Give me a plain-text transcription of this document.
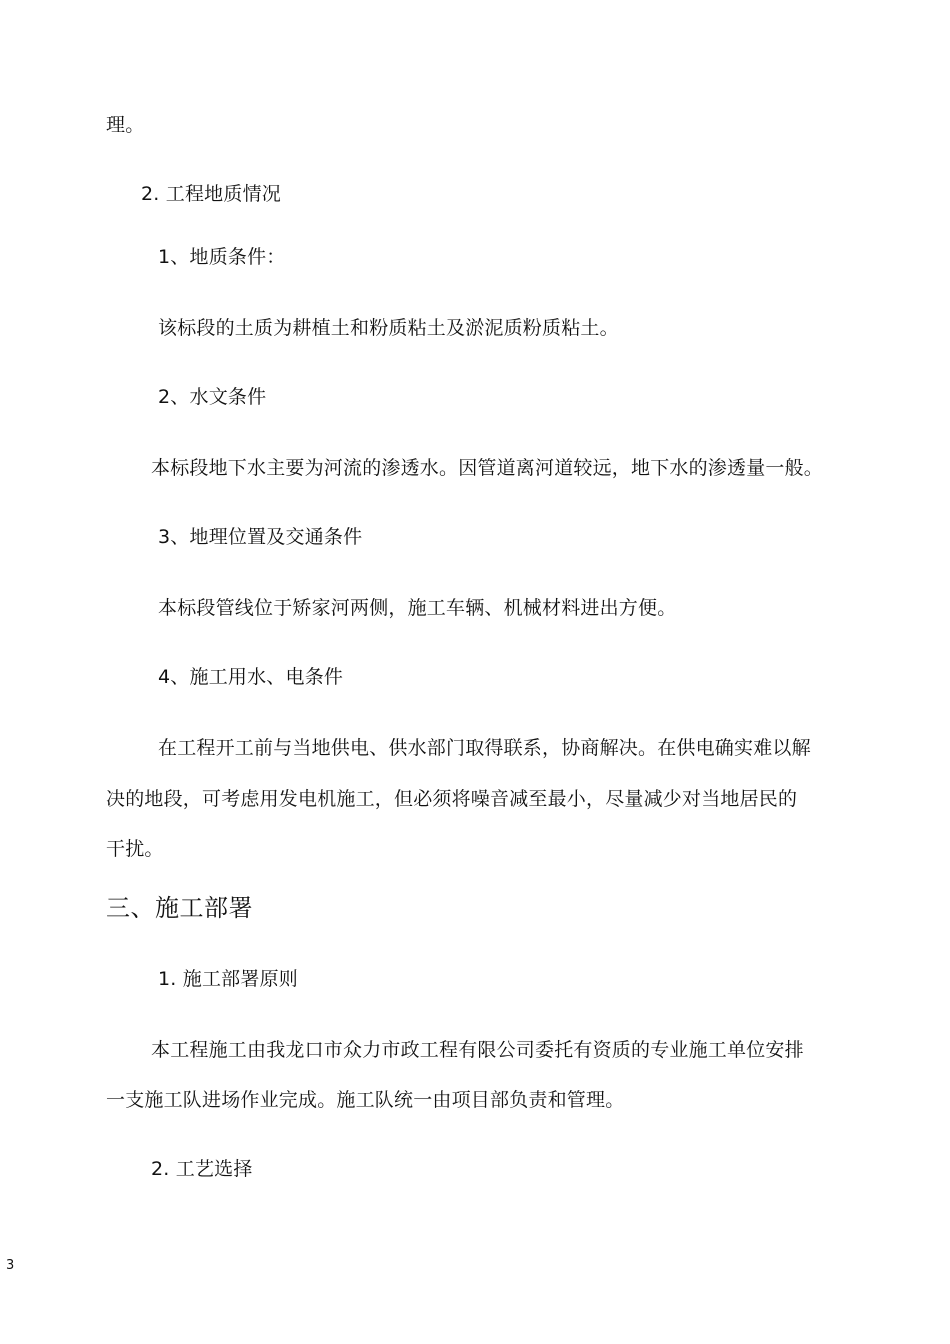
理。
2. 工程地质情况
1、地质条件：
该标段的土质为耕植土和粉质粘土及淤泥质粉质粘土。
2、水文条件
本标段地下水主要为河流的渗透水。因管道离河道较远，地下水的渗透量一般。
3、地理位置及交通条件
本标段管线位于矫家河两侧，施工车辆、机械材料进出方便。
4、施工用水、电条件
在工程开工前与当地供电、供水部门取得联系，协商解决。在供电确实难以解
决的地段，可考虑用发电机施工，但必须将噪音减至最小，尽量减少对当地居民的
干扰。
三、施工部署
1. 施工部署原则
本工程施工由我龙口市众力市政工程有限公司委托有资质的专业施工单位安排
一支施工队进场作业完成。施工队统一由项目部负责和管理。
2. 工艺选择
3
